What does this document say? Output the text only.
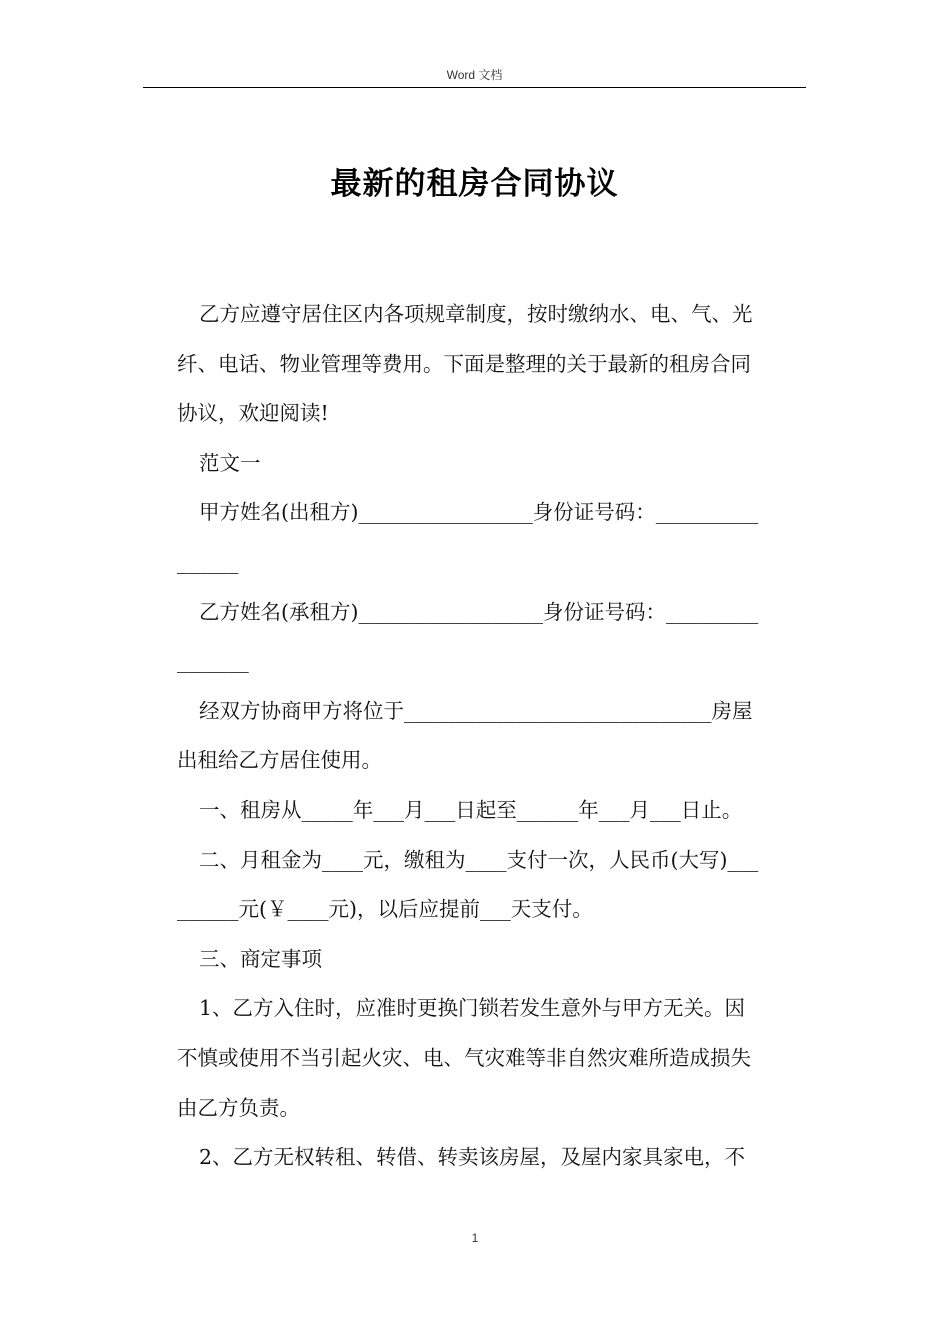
Word 文档
最新的租房合同协议
乙方应遵守居住区内各项规章制度，按时缴纳水、电、气、光
纤、电话、物业管理等费用。下面是整理的关于最新的租房合同
协议，欢迎阅读!
范文一
甲方姓名(出租方)_________________身份证号码：__________
______
乙方姓名(承租方)__________________身份证号码：_________
_______
经双方协商甲方将位于______________________________房屋
出租给乙方居住使用。
一、租房从_____年___月___日起至______年___月___日止。
二、月租金为____元，缴租为____支付一次，人民币(大写)___
______元(￥____元)，以后应提前___天支付。
三、商定事项
1、乙方入住时，应准时更换门锁若发生意外与甲方无关。因
不慎或使用不当引起火灾、电、气灾难等非自然灾难所造成损失
由乙方负责。
2、乙方无权转租、转借、转卖该房屋，及屋内家具家电，不
1
